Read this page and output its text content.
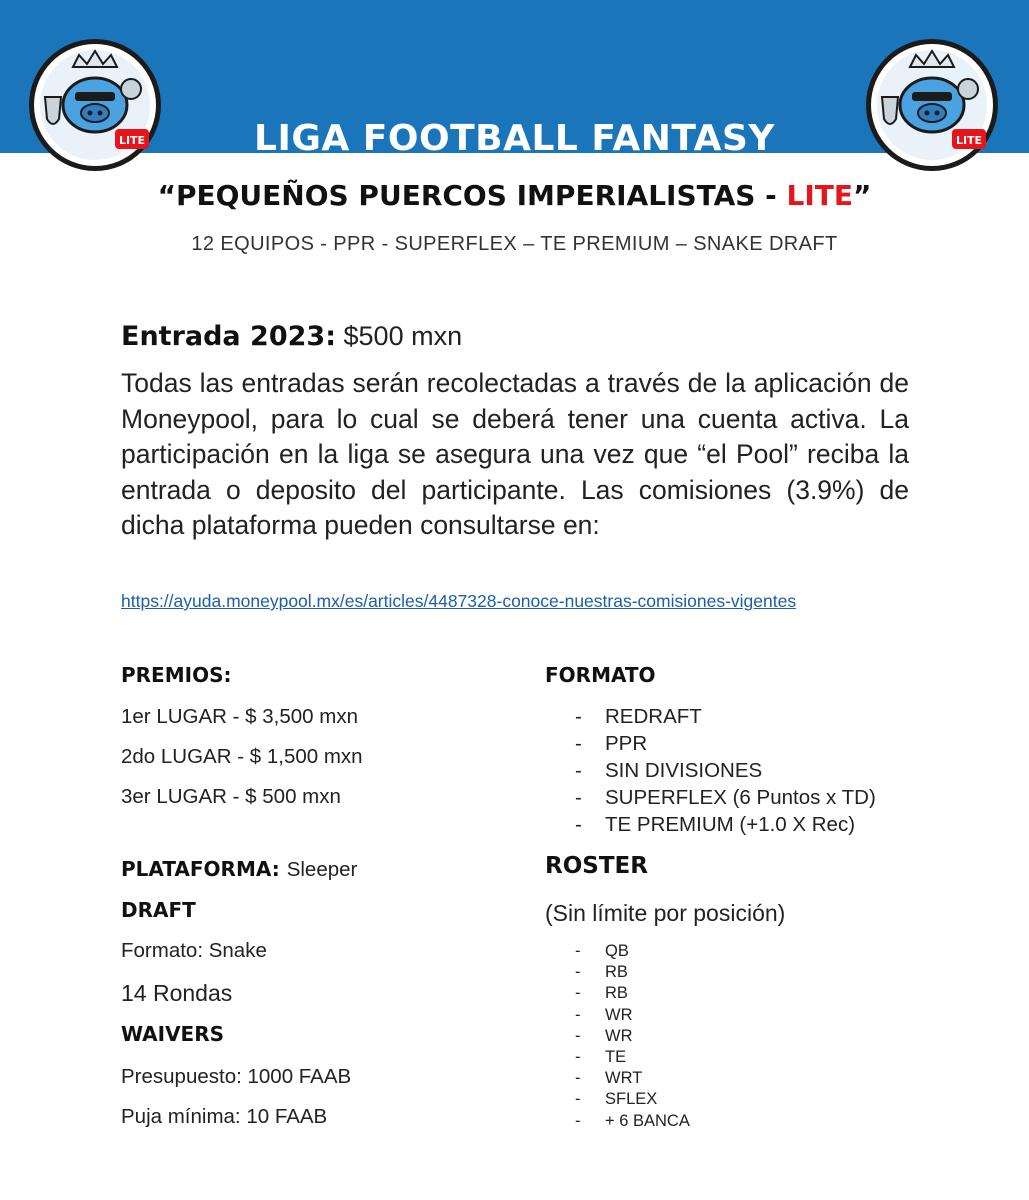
LIGA FOOTBALL FANTASY
LITE	LITE
“PEQUEÑOS PUERCOS IMPERIALISTAS - LITE”
12 EQUIPOS - PPR - SUPERFLEX – TE PREMIUM – SNAKE DRAFT
Entrada 2023: $500 mxn
Todas las entradas serán recolectadas a través de la aplicación de Moneypool, para lo cual se deberá tener una cuenta activa. La participación en la liga se asegura una vez que “el Pool” reciba la entrada o deposito del participante. Las comisiones (3.9%) de dicha plataforma pueden consultarse en:
https://ayuda.moneypool.mx/es/articles/4487328-conoce-nuestras-comisiones-vigentes
PREMIOS:
1er LUGAR - $ 3,500 mxn
2do LUGAR - $ 1,500 mxn
3er LUGAR - $ 500 mxn
PLATAFORMA: Sleeper
DRAFT
Formato: Snake
14 Rondas
WAIVERS
Presupuesto: 1000 FAAB
Puja mínima: 10 FAAB
FORMATO
- REDRAFT
- PPR
- SIN DIVISIONES
- SUPERFLEX (6 Puntos x TD)
- TE PREMIUM (+1.0 X Rec)
ROSTER
(Sin límite por posición)
- QB
- RB
- RB
- WR
- WR
- TE
- WRT
- SFLEX
- + 6 BANCA
